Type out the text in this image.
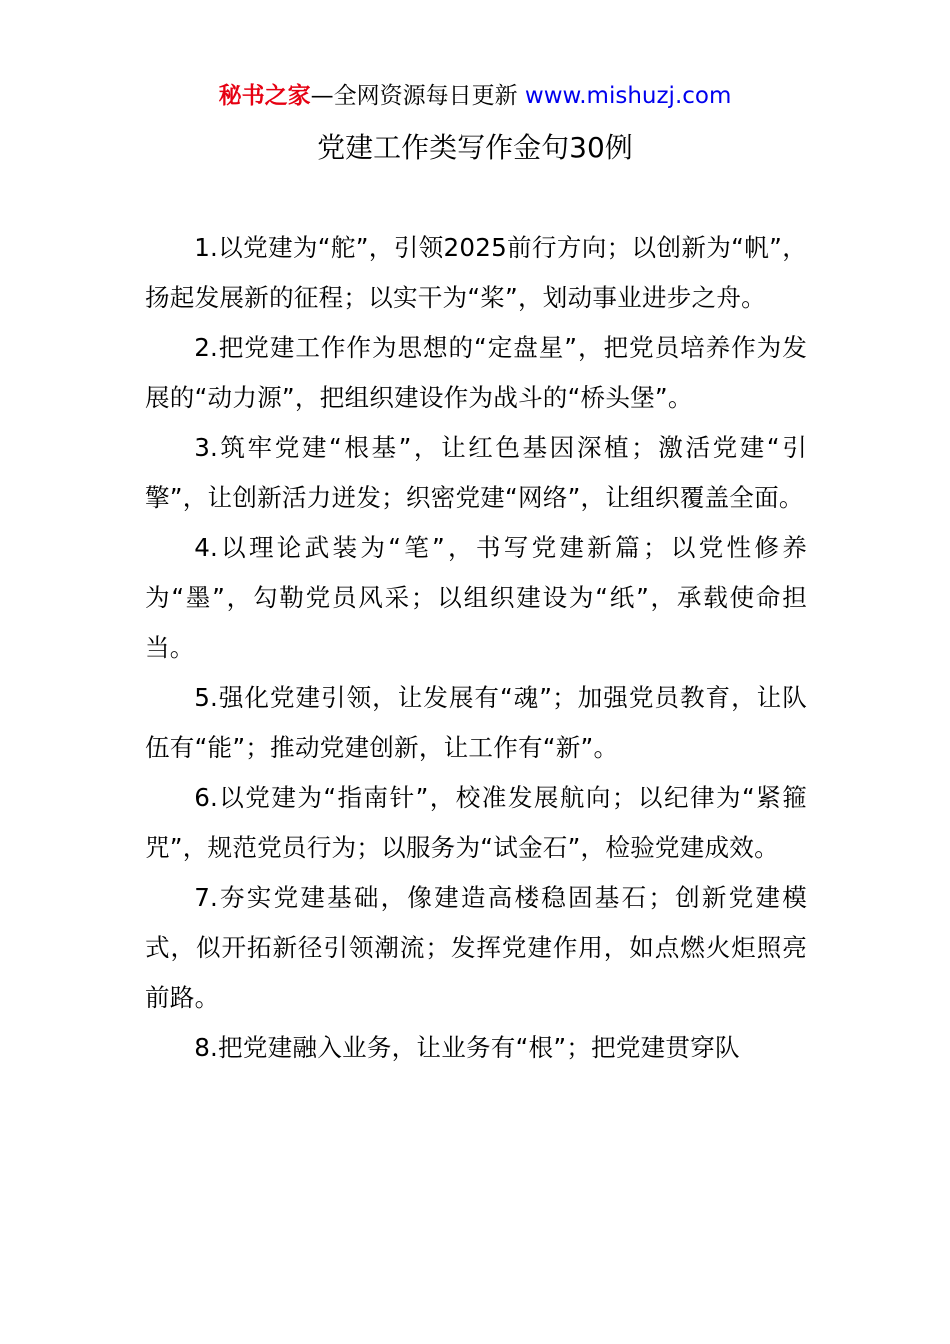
秘书之家—全网资源每日更新 www.mishuzj.com
党建工作类写作金句30例

1.以党建为“舵”，引领2025前行方向；以创新为“帆”，扬起发展新的征程；以实干为“桨”，划动事业进步之舟。

2.把党建工作作为思想的“定盘星”，把党员培养作为发展的“动力源”，把组织建设作为战斗的“桥头堡”。

3.筑牢党建“根基”，让红色基因深植；激活党建“引擎”，让创新活力迸发；织密党建“网络”，让组织覆盖全面。

4.以理论武装为“笔”，书写党建新篇；以党性修养为“墨”，勾勒党员风采；以组织建设为“纸”，承载使命担当。

5.强化党建引领，让发展有“魂”；加强党员教育，让队伍有“能”；推动党建创新，让工作有“新”。

6.以党建为“指南针”，校准发展航向；以纪律为“紧箍咒”，规范党员行为；以服务为“试金石”，检验党建成效。

7.夯实党建基础，像建造高楼稳固基石；创新党建模式，似开拓新径引领潮流；发挥党建作用，如点燃火炬照亮前路。

8.把党建融入业务，让业务有“根”；把党建贯穿队
